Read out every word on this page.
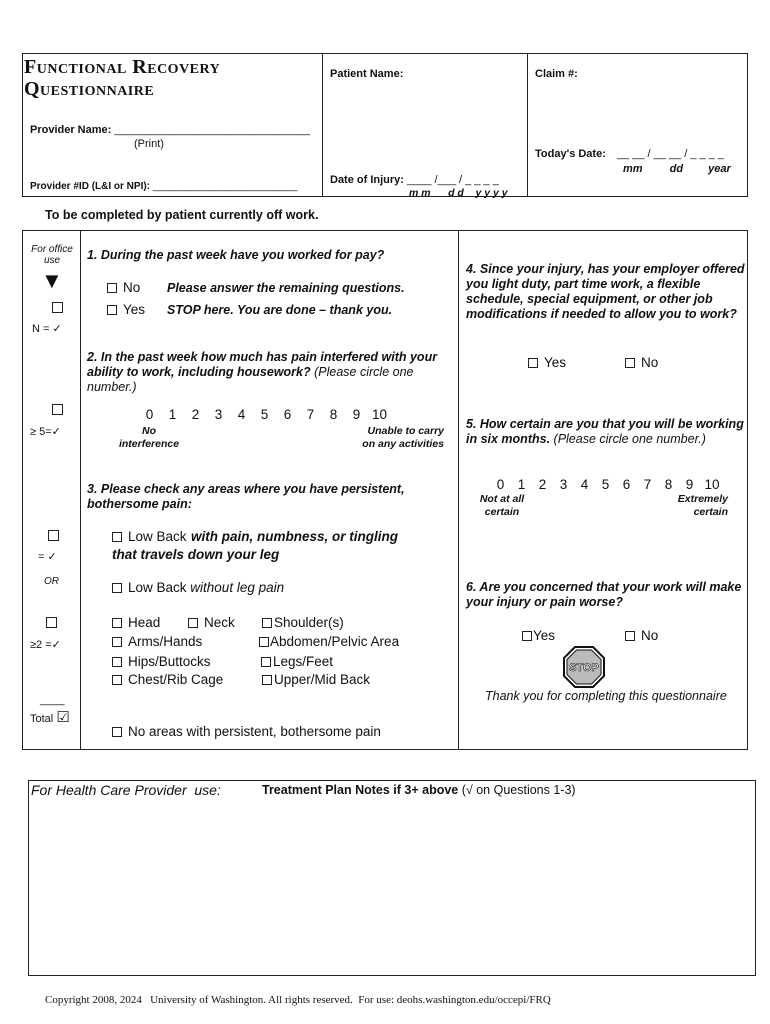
Functional Recovery
Questionnaire
Patient Name:	Claim #:
Provider Name: ________________________________
(Print)
Provider #ID (L&I or NPI): __________________________
Date of Injury: ____ /___ / _ _ _ _
m m      d d    y y y y
Today's Date: __ __ / __ __ / _ _ _ _
mm dd year
To be completed by patient currently off work.
For office use
▼
N = ✓
≥ 5=✓
= ✓
OR
≥2 =✓
____
Total ☑
1. During the past week have you worked for pay?
No Please answer the remaining questions.
Yes STOP here. You are done – thank you.
2. In the past week how much has pain interfered with your ability to work, including housework? (Please circle one number.)
0 1 2 3 4 5 6 7 8 9 10
No interference
Unable to carry on any activities
3. Please check any areas where you have persistent, bothersome pain:
Low Back with pain, numbness, or tingling that travels down your leg
Low Back without leg pain
Head	Neck	Shoulder(s)
Arms/Hands	Abdomen/Pelvic Area
Hips/Buttocks	Legs/Feet
Chest/Rib Cage	Upper/Mid Back
No areas with persistent, bothersome pain
4. Since your injury, has your employer offered you light duty, part time work, a flexible schedule, special equipment, or other job modifications if needed to allow you to work?
Yes	No
5. How certain are you that you will be working in six months. (Please circle one number.)
0 1 2 3 4 5 6 7 8 9 10
Not at all certain
Extremely certain
6. Are you concerned that your work will make your injury or pain worse?
Yes	No
STOP
Thank you for completing this questionnaire
For Health Care Provider  use:	Treatment Plan Notes if 3+ above (√ on Questions 1-3)
Copyright 2008, 2024   University of Washington. All rights reserved.  For use: deohs.washington.edu/occepi/FRQ
